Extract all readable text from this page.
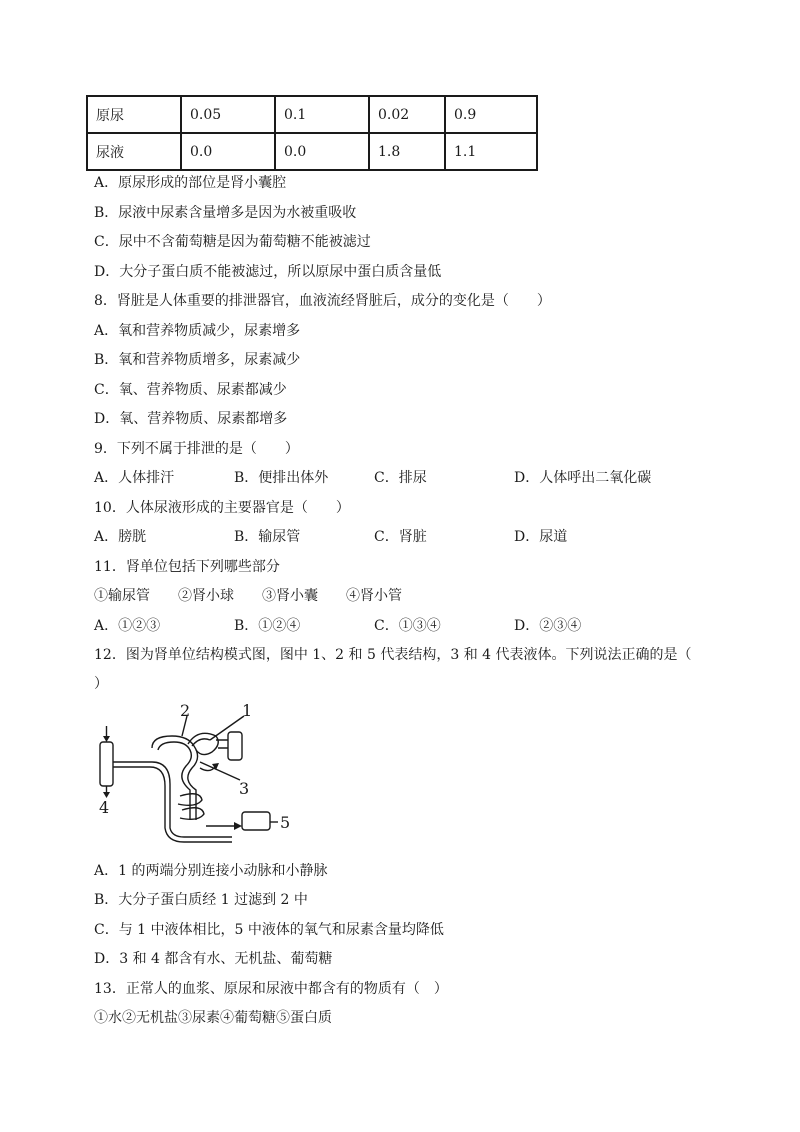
原尿	0.05	0.1	0.02	0.9
尿液	0.0	0.0	1.8	1.1
A．原尿形成的部位是肾小囊腔
B．尿液中尿素含量增多是因为水被重吸收
C．尿中不含葡萄糖是因为葡萄糖不能被滤过
D．大分子蛋白质不能被滤过，所以原尿中蛋白质含量低
8．肾脏是人体重要的排泄器官，血液流经肾脏后，成分的变化是（　　）
A．氧和营养物质减少，尿素增多
B．氧和营养物质增多，尿素减少
C．氧、营养物质、尿素都减少
D．氧、营养物质、尿素都增多
9．下列不属于排泄的是（　　）
A．人体排汗	B．便排出体外	C．排尿	D．人体呼出二氧化碳
10．人体尿液形成的主要器官是（　　）
A．膀胱	B．输尿管	C．肾脏	D．尿道
11．肾单位包括下列哪些部分
①输尿管　　②肾小球　　③肾小囊　　④肾小管
A．①②③	B．①②④	C．①③④	D．②③④
12．图为肾单位结构模式图，图中 1、2 和 5 代表结构，3 和 4 代表液体。下列说法正确的是（
）
1
2
3
4
5
A．1 的两端分别连接小动脉和小静脉
B．大分子蛋白质经 1 过滤到 2 中
C．与 1 中液体相比，5 中液体的氧气和尿素含量均降低
D．3 和 4 都含有水、无机盐、葡萄糖
13．正常人的血浆、原尿和尿液中都含有的物质有（　）
①水②无机盐③尿素④葡萄糖⑤蛋白质
